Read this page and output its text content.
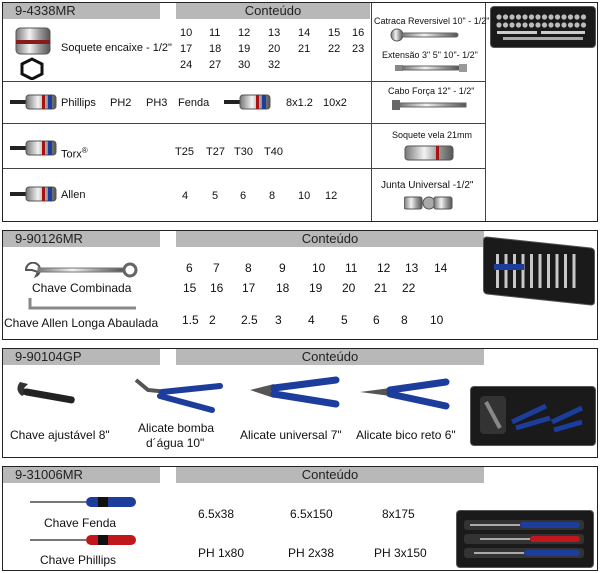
9-4338MR	Conteúdo
Soquete encaixe - 1/2"
10 11 12 13 14 15 16
17 18 19 20 21 22 23
24 27 30 32
Phillips PH2 PH3 Fenda	8x1.2 10x2
Torx®	T25 T27 T30 T40
Allen	4 5 6 8 10 12
Catraca Reversivel 10" - 1/2"
Extensão 3" 5" 10"- 1/2"
Cabo Força 12" - 1/2"
Soquete vela 21mm
Junta Universal -1/2"
9-90126MR	Conteúdo
Chave Combinada
Chave Allen Longa Abaulada
6 7 8 9 10 11 12 13 14
15 16 17 18 19 20 21 22
1.5 2 2.5 3 4 5 6 8 10
9-90104GP	Conteúdo
Chave ajustável 8" Alicate bomba
d´água 10"
Alicate universal 7" Alicate bico reto 6"
9-31006MR	Conteúdo
Chave Fenda
Chave Phillips
6.5x38	6.5x150	8x175
PH 1x80	PH 2x38	PH 3x150
